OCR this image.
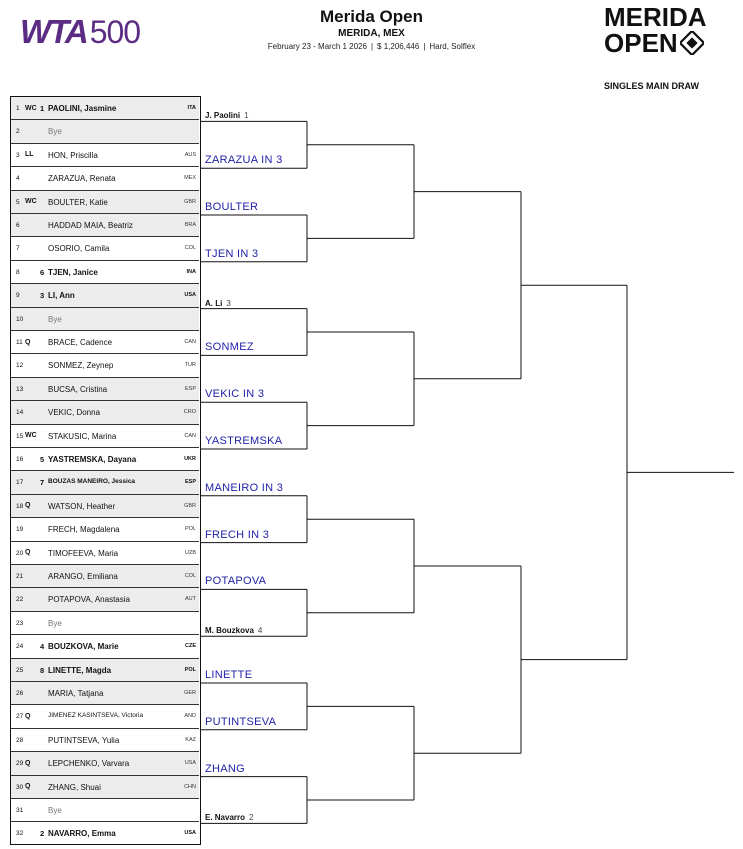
WTA 500	Merida Open
MERIDA, MEX
February 23 - March 1 2026 | $ 1,206,446 | Hard, Solflex
MERIDA
OPEN
SINGLES MAIN DRAW
1 WC 1 PAOLINI, Jasmine	ITA
2	Bye
3 LL HON, Priscilla	AUS
4	ZARAZUA, Renata	MEX
5 WC BOULTER, Katie	GBR
6	HADDAD MAIA, Beatriz	BRA
7	OSORIO, Camila	COL
8	6 TJEN, Janice	INA
9	3 LI, Ann	USA
10	Bye
11 Q BRACE, Cadence	CAN
12	SONMEZ, Zeynep	TUR
13	BUCSA, Cristina	ESP
14	VEKIC, Donna	CRO
15 WC STAKUSIC, Marina	CAN
16 5 YASTREMSKA, Dayana	UKR
17 7 BOUZAS MANEIRO, Jessica	ESP
18 Q WATSON, Heather	GBR
19	FRECH, Magdalena	POL
20 Q TIMOFEEVA, Maria	UZB
21	ARANGO, Emiliana	COL
22	POTAPOVA, Anastasia	AUT
23	Bye
24 4 BOUZKOVA, Marie	CZE
25 8 LINETTE, Magda	POL
26	MARIA, Tatjana	GER
27 Q	JIMENEZ KASINTSEVA, Victoria	AND
28	PUTINTSEVA, Yulia	KAZ
29 Q LEPCHENKO, Varvara	USA
30 Q ZHANG, Shuai	CHN
31	Bye
32 2 NAVARRO, Emma	USA
J. Paolini 1
ZARAZUA IN 3
BOULTER
TJEN IN 3
A. Li 3
SONMEZ
VEKIC IN 3
YASTREMSKA
MANEIRO IN 3
FRECH IN 3
POTAPOVA
M. Bouzkova 4
LINETTE
PUTINTSEVA
ZHANG
E. Navarro 2
